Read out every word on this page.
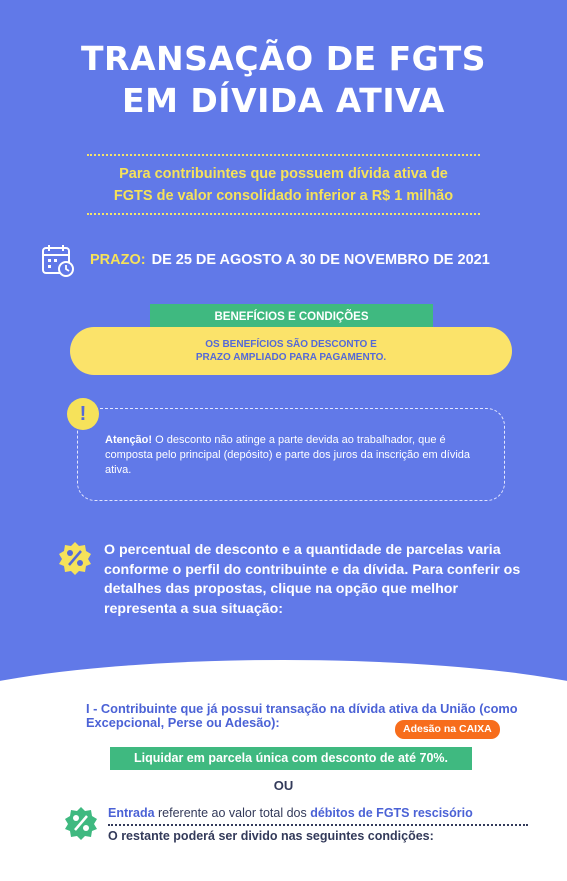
TRANSAÇÃO DE FGTS
EM DÍVIDA ATIVA
Para contribuintes que possuem dívida ativa de
FGTS de valor consolidado inferior a R$ 1 milhão
PRAZO: DE 25 DE AGOSTO A 30 DE NOVEMBRO DE 2021
BENEFÍCIOS E CONDIÇÕES
OS BENEFÍCIOS SÃO DESCONTO E
PRAZO AMPLIADO PARA PAGAMENTO.
Atenção! O desconto não atinge a parte devida ao trabalhador, que é composta pelo principal (depósito) e parte dos juros da inscrição em dívida ativa.
!
O percentual de desconto e a quantidade de parcelas varia conforme o perfil do contribuinte e da dívida. Para conferir os detalhes das propostas, clique na opção que melhor representa a sua situação:
I - Contribuinte que já possui transação na dívida ativa da União (como Excepcional, Perse ou Adesão):	Adesão na CAIXA
Liquidar em parcela única com desconto de até 70%.
OU
Entrada referente ao valor total dos débitos de FGTS rescisório
O restante poderá ser divido nas seguintes condições:
